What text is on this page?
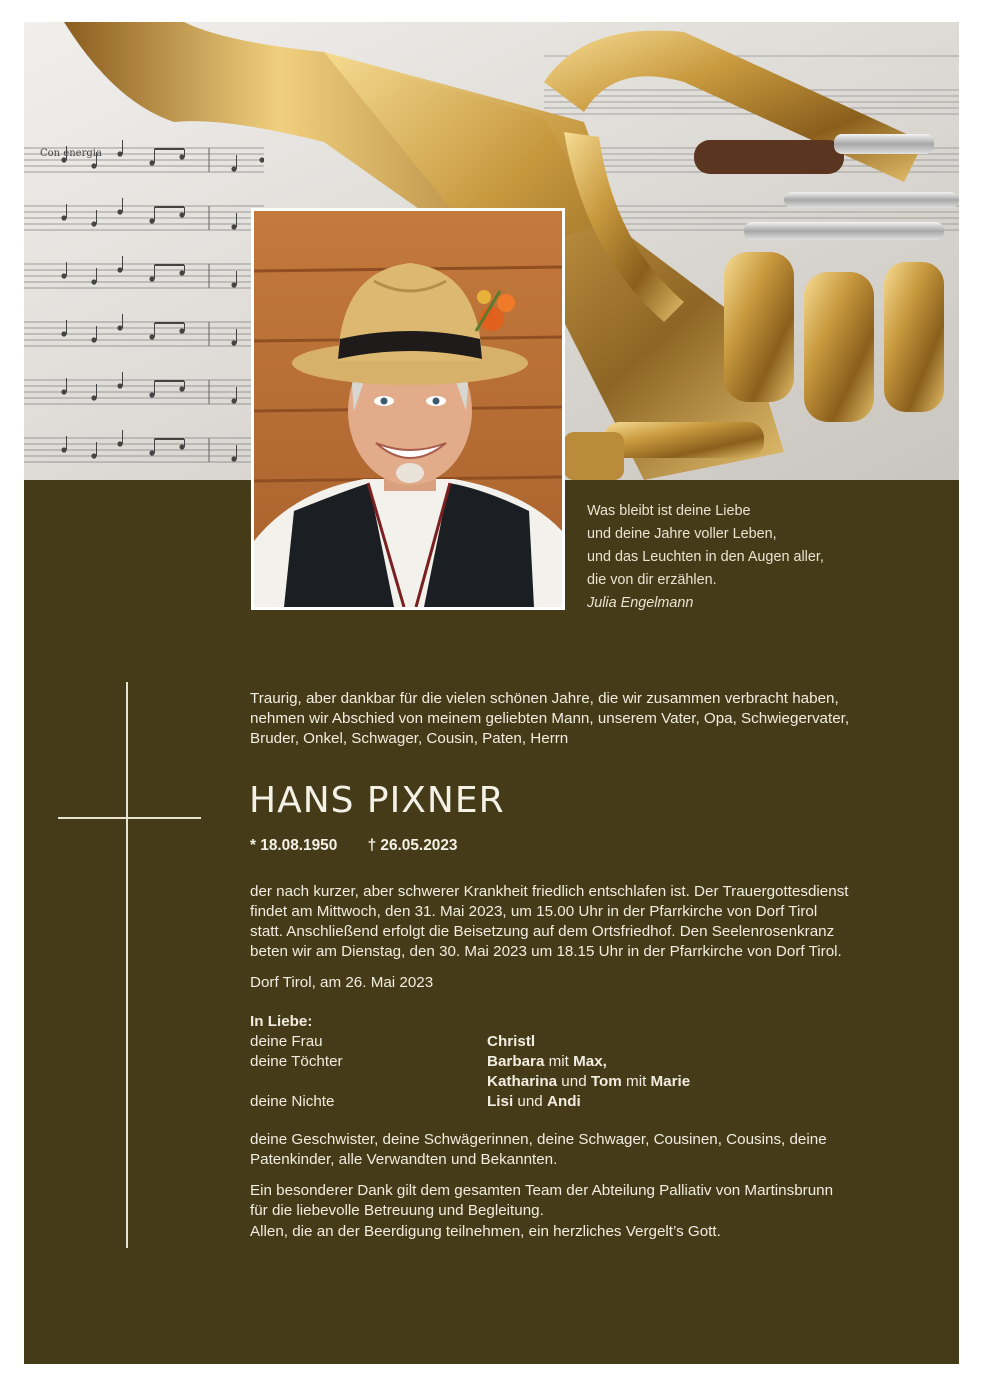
Con energia
Was bleibt ist deine Liebe
und deine Jahre voller Leben,
und das Leuchten in den Augen aller,
die von dir erzählen.
Julia Engelmann
Traurig, aber dankbar für die vielen schönen Jahre, die wir zusammen verbracht haben,
nehmen wir Abschied von meinem geliebten Mann, unserem Vater, Opa, Schwiegervater,
Bruder, Onkel, Schwager, Cousin, Paten, Herrn
HANS PIXNER
* 18.08.1950 † 26.05.2023
der nach kurzer, aber schwerer Krankheit friedlich entschlafen ist. Der Trauergottesdienst
findet am Mittwoch, den 31. Mai 2023, um 15.00 Uhr in der Pfarrkirche von Dorf Tirol
statt. Anschließend erfolgt die Beisetzung auf dem Ortsfriedhof. Den Seelenrosenkranz
beten wir am Dienstag, den 30. Mai 2023 um 18.15 Uhr in der Pfarrkirche von Dorf Tirol.
Dorf Tirol, am 26. Mai 2023
In Liebe:
deine Frau	Christl
deine Töchter	Barbara mit Max,
Katharina und Tom mit Marie
deine Nichte	Lisi und Andi
deine Geschwister, deine Schwägerinnen, deine Schwager, Cousinen, Cousins, deine
Patenkinder, alle Verwandten und Bekannten.
Ein besonderer Dank gilt dem gesamten Team der Abteilung Palliativ von Martinsbrunn
für die liebevolle Betreuung und Begleitung.
Allen, die an der Beerdigung teilnehmen, ein herzliches Vergelt’s Gott.
